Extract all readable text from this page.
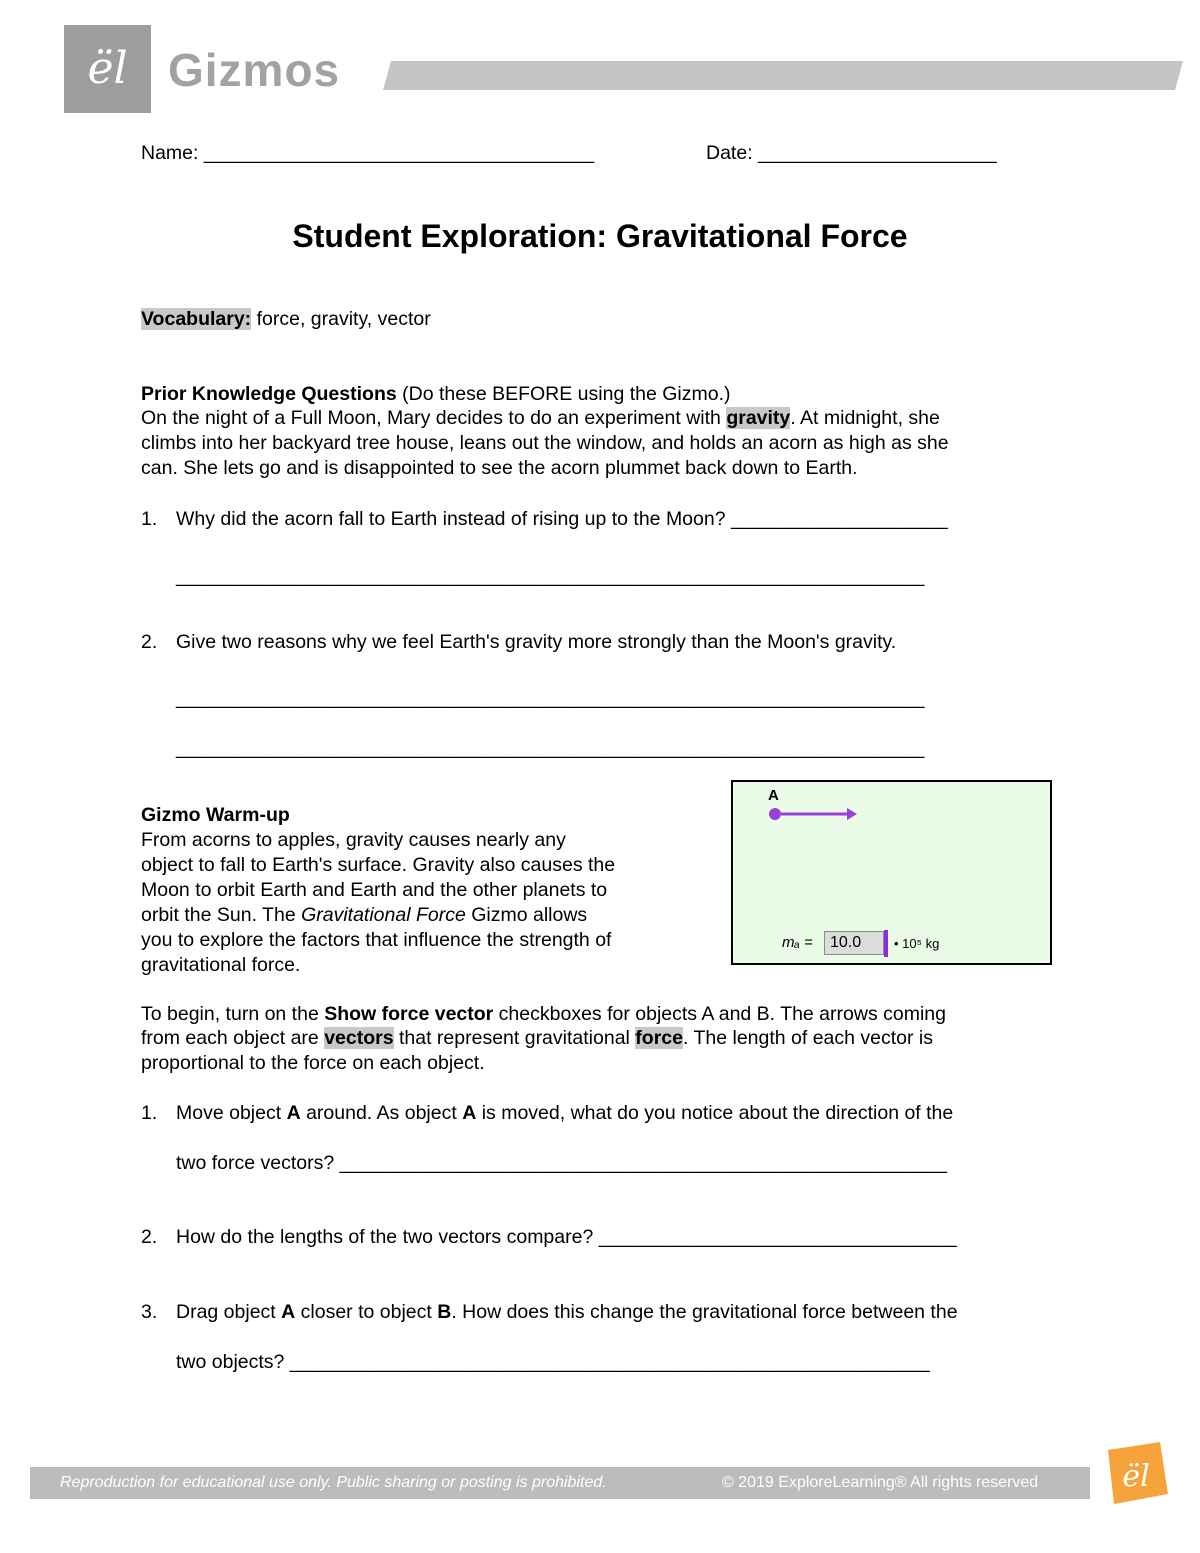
ël Gizmos
Name: ____________________________________	Date: ______________________
Student Exploration: Gravitational Force
Vocabulary: force, gravity, vector
Prior Knowledge Questions (Do these BEFORE using the Gizmo.)
On the night of a Full Moon, Mary decides to do an experiment with gravity. At midnight, she
climbs into her backyard tree house, leans out the window, and holds an acorn as high as she
can. She lets go and is disappointed to see the acorn plummet back down to Earth.
1. Why did the acorn fall to Earth instead of rising up to the Moon? ____________________
_____________________________________________________________________
2. Give two reasons why we feel Earth's gravity more strongly than the Moon's gravity.
_____________________________________________________________________
_____________________________________________________________________
Gizmo Warm-up
From acorns to apples, gravity causes nearly any
object to fall to Earth's surface. Gravity also causes the
Moon to orbit Earth and Earth and the other planets to
orbit the Sun. The Gravitational Force Gizmo allows
you to explore the factors that influence the strength of
gravitational force.
A
mₐ =	10.0	• 10⁵ kg
To begin, turn on the Show force vector checkboxes for objects A and B. The arrows coming
from each object are vectors that represent gravitational force. The length of each vector is
proportional to the force on each object.
1. Move object A around. As object A is moved, what do you notice about the direction of the
two force vectors? ________________________________________________________
2. How do the lengths of the two vectors compare? _________________________________
3. Drag object A closer to object B. How does this change the gravitational force between the
two objects? ___________________________________________________________
Reproduction for educational use only. Public sharing or posting is prohibited.	© 2019 ExploreLearning® All rights reserved	ël
